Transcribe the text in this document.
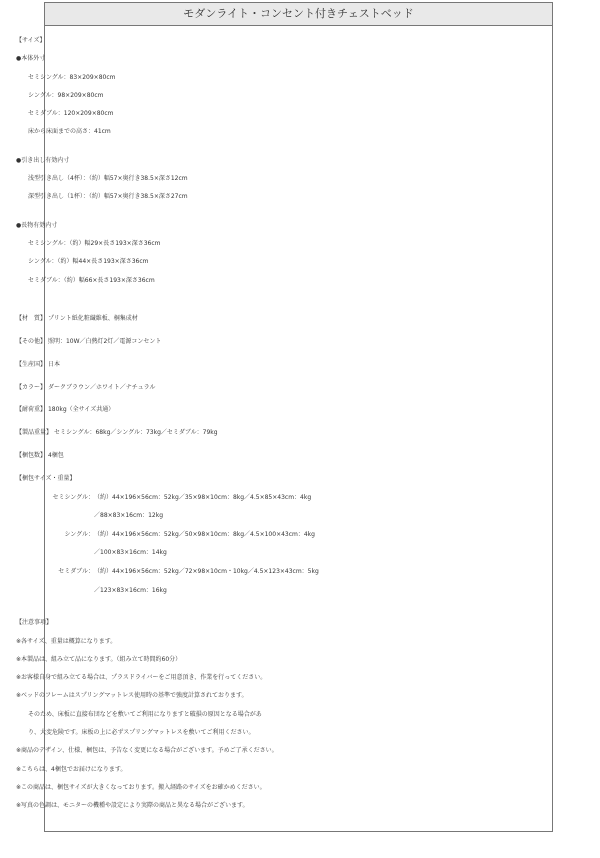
モダンライト・コンセント付きチェストベッド
【サイズ】
●本体外寸
セミシングル：83×209×80cm
シングル：98×209×80cm
セミダブル：120×209×80cm
床から床面までの高さ：41cm
●引き出し有効内寸
浅型引き出し（4杯）：（約）幅57×奥行き38.5×深さ12cm
深型引き出し（1杯）：（約）幅57×奥行き38.5×深さ27cm
●長物有効内寸
セミシングル：（約）幅29×長さ193×深さ36cm
シングル：（約）幅44×長さ193×深さ36cm
セミダブル：（約）幅66×長さ193×深さ36cm
【材　質】 プリント紙化粧繊維板、桐集成材
【その他】 照明：10W／白熱灯2灯／電源コンセント
【生産国】 日本
【カラー】 ダークブラウン／ホワイト／ナチュラル
【耐荷重】 180kg（全サイズ共通）
【製品重量】 セミシングル：68kg／シングル：73kg／セミダブル：79kg
【梱包数】 4梱包
【梱包サイズ・重量】
セミシングル：（約）44×196×56cm：52kg／35×98×10cm：8kg／4.5×85×43cm：4kg
／88×83×16cm：12kg
シングル：（約）44×196×56cm：52kg／50×98×10cm：8kg／4.5×100×43cm：4kg
／100×83×16cm：14kg
セミダブル：（約）44×196×56cm：52kg／72×98×10cm・10kg／4.5×123×43cm：5kg
／123×83×16cm：16kg
【注意事項】
※各サイズ、重量は概算になります。
※本製品は、組み立て品になります。（組み立て時間約60分）
※お客様自身で組み立てる場合は、プラスドライバーをご用意頂き、作業を行ってください。
※ベッドのフレームはスプリングマットレス使用時の基準で強度計算されております。
そのため、床板に直接布団などを敷いてご利用になりますと破損の原因となる場合があ
り、大変危険です。床板の上に必ずスプリングマットレスを敷いてご利用ください。
※商品のデザイン、仕様、梱包は、予告なく変更になる場合がございます。予めご了承ください。
※こちらは、4梱包でお届けになります。
※この商品は、梱包サイズが大きくなっております。搬入経路のサイズをお確かめください。
※写真の色調は、モニターの機種や設定により実際の商品と異なる場合がございます。
